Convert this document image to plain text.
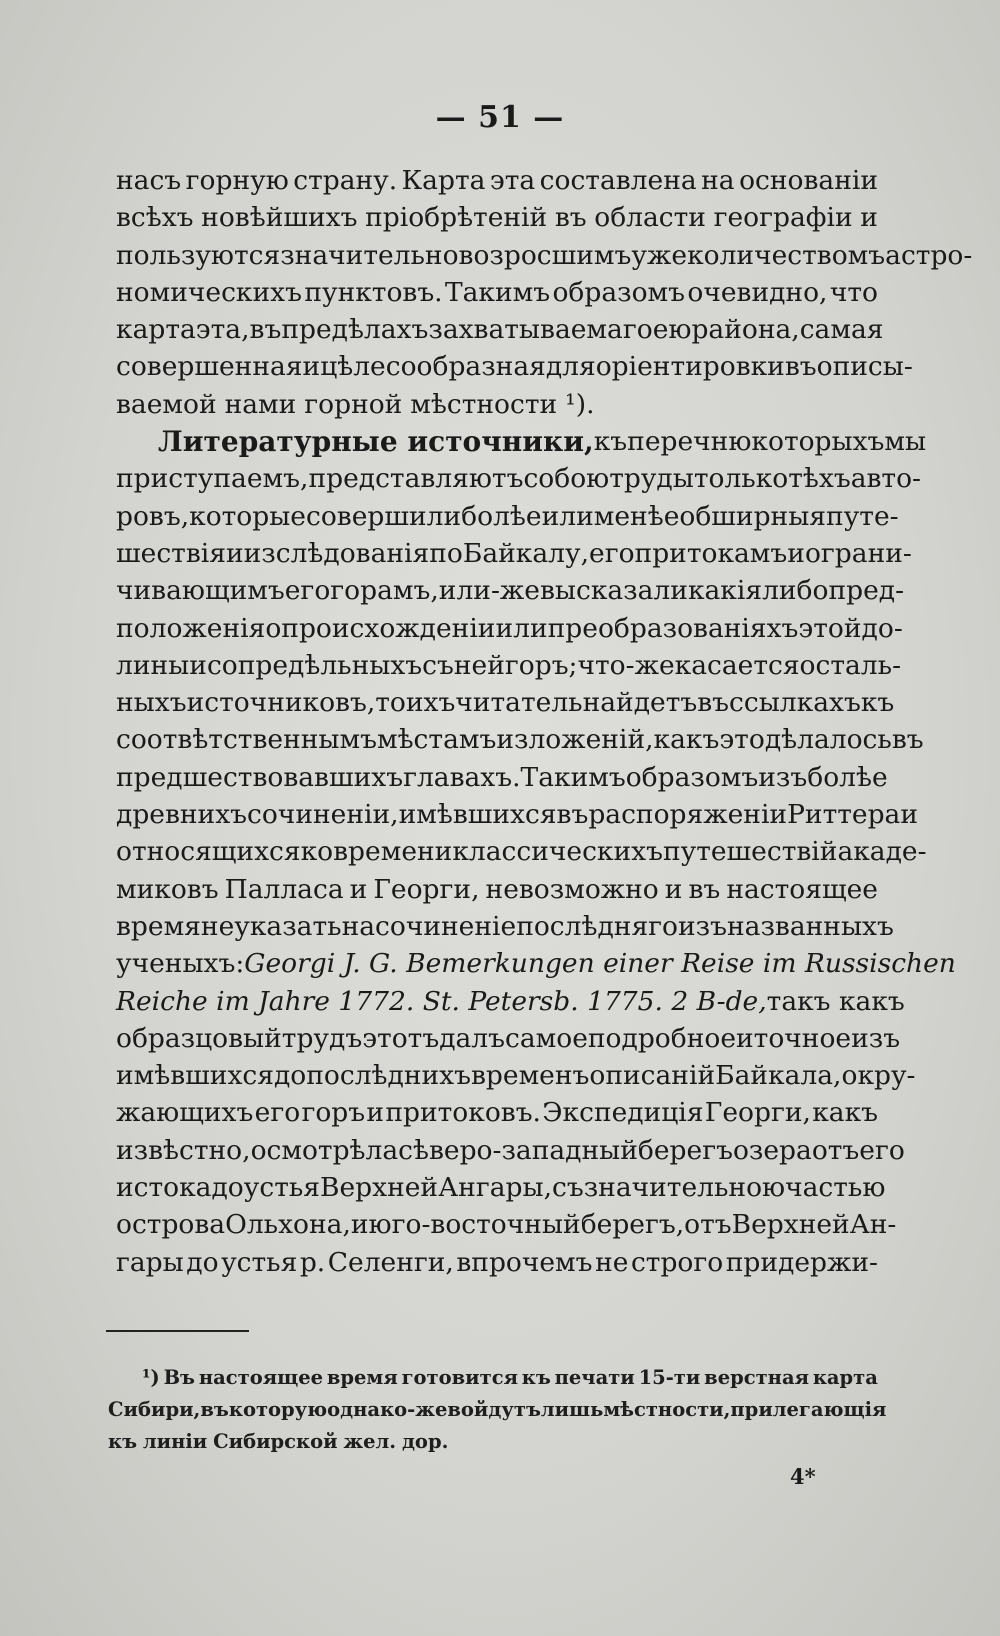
— 51 —
насъ горную страну. Карта эта составлена на основаніи
всѣхъ новѣйшихъ пріобрѣтеній въ области географіи и
пользуются значительно возросшимъ уже количествомъ астро-
номическихъ пунктовъ. Такимъ образомъ очевидно, что
карта эта, въ предѣлахъ захватываемаго ею района, самая
совершенная и цѣлесообразная для оріентировки въ описы-
ваемой нами горной мѣстности ¹).
Литературные источники, къ перечню которыхъ мы
приступаемъ, представляютъ собою труды только тѣхъ авто-
ровъ, которые совершили болѣе или менѣе обширныя путе-
шествія и изслѣдованія по Байкалу, его притокамъ и ограни-
чивающимъ его горамъ, или-же высказали какія либо пред-
положенія о происхожденіи или преобразованіяхъ этой до-
лины и сопредѣльныхъ съ ней горъ; что-же касается осталь-
ныхъ источниковъ, то ихъ читатель найдетъ въ ссылкахъ къ
соотвѣтственнымъ мѣстамъ изложеній, какъ это дѣлалось въ
предшествовавшихъ главахъ. Такимъ образомъ изъ болѣе
древнихъ сочиненіи, имѣвшихся въ распоряженіи Риттера и
относящихся ко времени классическихъ путешествій акаде-
миковъ Палласа и Георги, невозможно и въ настоящее
время не указать на сочиненіе послѣдняго изъ названныхъ
ученыхъ: Georgi J. G. Bemerkungen einer Reise im Russischen
Reiche im Jahre 1772. St. Petersb. 1775. 2 B-de, такъ какъ
образцовый трудъ этотъ далъ самое подробное и точное изъ
имѣвшихся до послѣднихъ временъ описаній Байкала, окру-
жающихъ его горъ и притоковъ. Экспедиція Георги, какъ
извѣстно, осмотрѣла сѣверо-западный берегъ озера отъ его
истока до устья Верхней Ангары, съ значительною частью
острова Ольхона, и юго-восточный берегъ, отъ Верхней Ан-
гары до устья р. Селенги, впрочемъ не строго придержи-
¹) Въ настоящее время готовится къ печати 15-ти верстная карта
Сибири, въ которую однако-же войдутъ лишь мѣстности, прилегающія
къ линіи Сибирской жел. дор.
4*
